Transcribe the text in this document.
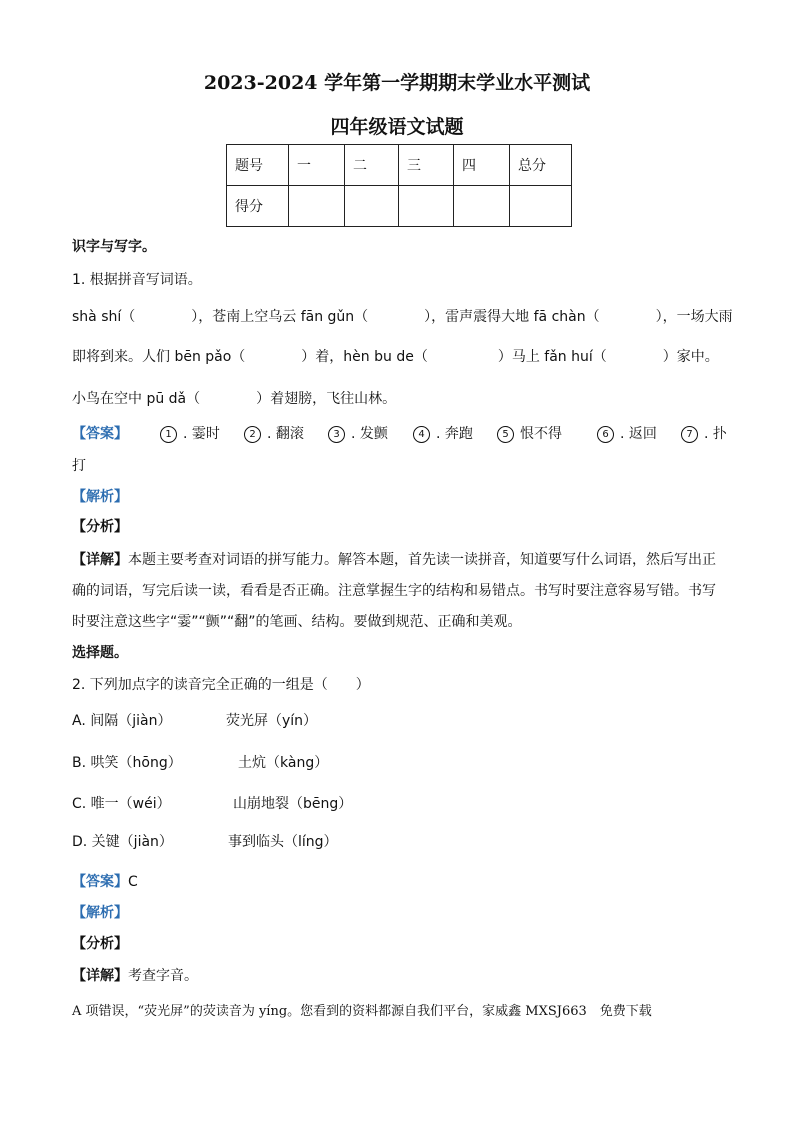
2023-2024 学年第一学期期末学业水平测试
四年级语文试题
题号	一	二	三	四	总分
得分					
识字与写字。
1. 根据拼音写词语。
shà shí（　　　　），苍南上空乌云 fān gǔn（　　　　），雷声震得大地 fā chàn（　　　　），一场大雨
即将到来。人们 bēn pǎo（　　　　）着，hèn bu de（　　　　　）马上 fǎn huí（　　　　）家中。
小鸟在空中 pū dǎ（　　　　）着翅膀，飞往山林。
【答案】	1 . 霎时	2 . 翻滚	3 . 发颤	4 . 奔跑	5 恨不得	6 . 返回	7 . 扑
打
【解析】
【分析】
【详解】本题主要考查对词语的拼写能力。解答本题，首先读一读拼音，知道要写什么词语，然后写出正
确的词语，写完后读一读，看看是否正确。注意掌握生字的结构和易错点。书写时要注意容易写错。书写
时要注意这些字“霎”“颤”“翻”的笔画、结构。要做到规范、正确和美观。
选择题。
2. 下列加点字的读音完全正确的一组是（　　）
A. 间隔（jiàn）	荧光屏（yín）
B. 哄笑（hōng）	土炕（kàng）
C. 唯一（wéi）	山崩地裂（bēng）
D. 关键（jiàn）	事到临头（líng）
【答案】C
【解析】
【分析】
【详解】考查字音。
A 项错误，“荧光屏”的荧读音为 yíng。您看到的资料都源自我们平台，家威鑫 MXSJ663　免费下载
